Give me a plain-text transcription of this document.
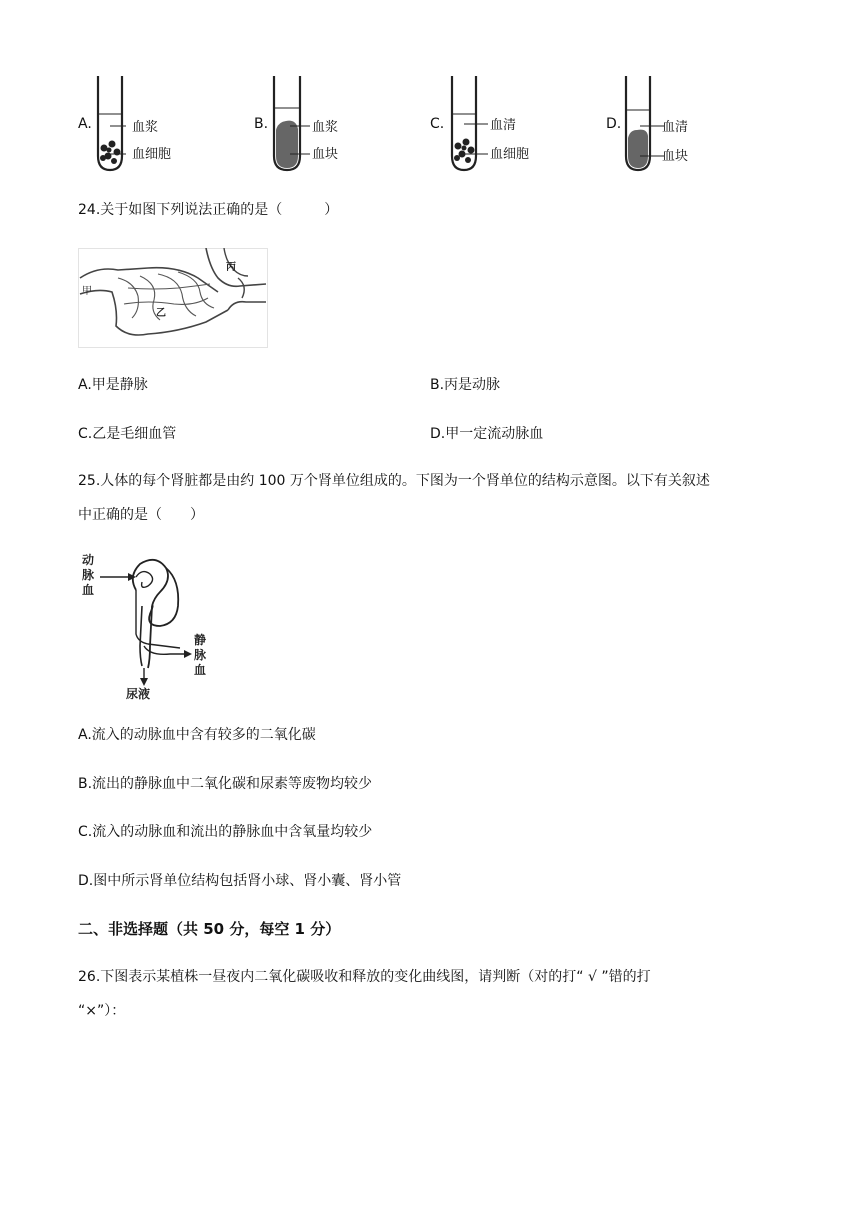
A.	血浆
血细胞
B.	血浆
血块
C.	血清
血细胞
D.	血清
血块
24.关于如图下列说法正确的是（　　　）
甲
乙
丙
A.甲是静脉	B.丙是动脉
C.乙是毛细血管	D.甲一定流动脉血
25.人体的每个肾脏都是由约 100 万个肾单位组成的。下图为一个肾单位的结构示意图。以下有关叙述
中正确的是（　　）
动
脉
血
静
脉
血
尿液
A.流入的动脉血中含有较多的二氧化碳
B.流出的静脉血中二氧化碳和尿素等废物均较少
C.流入的动脉血和流出的静脉血中含氧量均较少
D.图中所示肾单位结构包括肾小球、肾小囊、肾小管
二、非选择题（共 50 分，每空 1 分）
26.下图表示某植株一昼夜内二氧化碳吸收和释放的变化曲线图，请判断（对的打“ √ ”错的打
“×”）：
